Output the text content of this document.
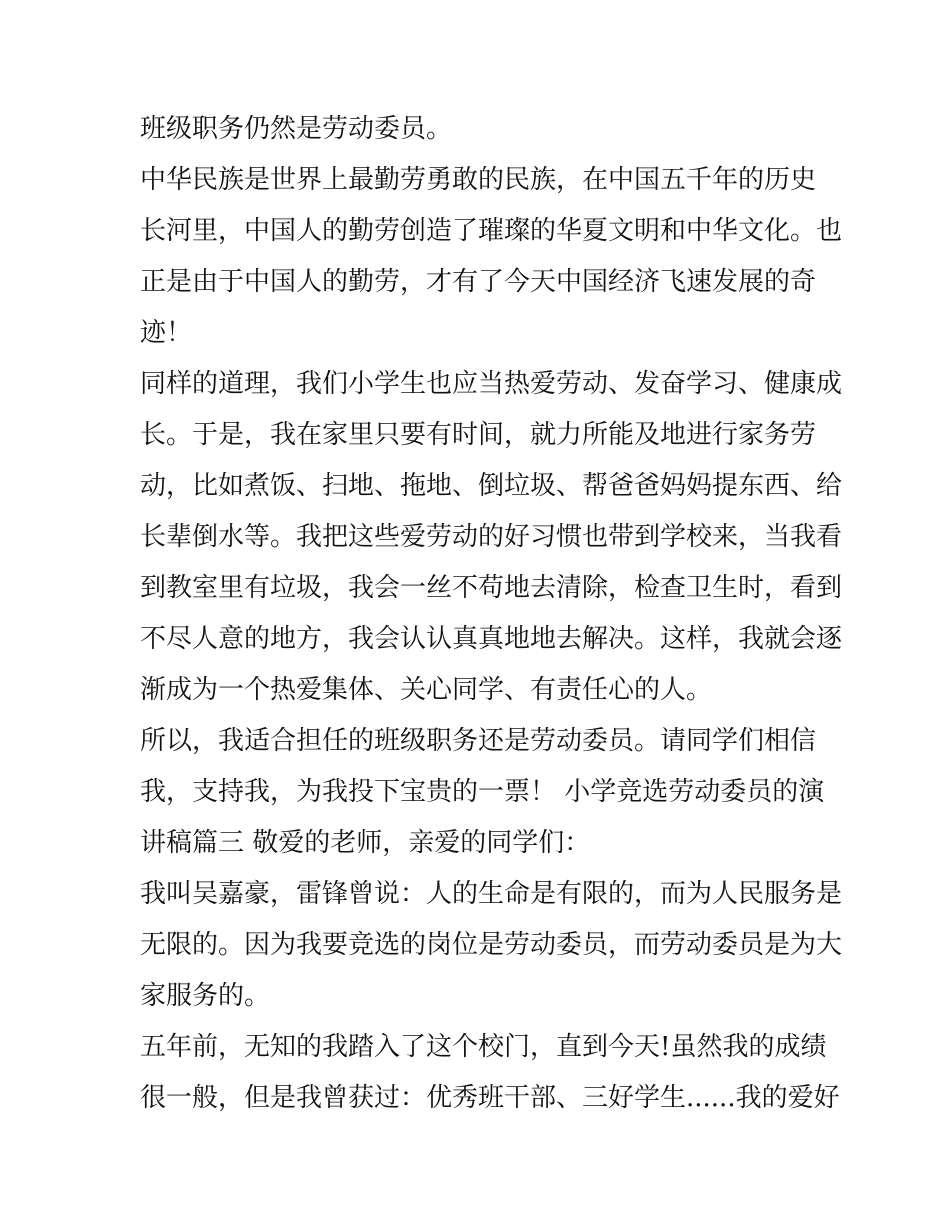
班级职务仍然是劳动委员。
中华民族是世界上最勤劳勇敢的民族，在中国五千年的历史
长河里，中国人的勤劳创造了璀璨的华夏文明和中华文化。也
正是由于中国人的勤劳，才有了今天中国经济飞速发展的奇
迹！
同样的道理，我们小学生也应当热爱劳动、发奋学习、健康成
长。于是，我在家里只要有时间，就力所能及地进行家务劳
动，比如煮饭、扫地、拖地、倒垃圾、帮爸爸妈妈提东西、给
长辈倒水等。我把这些爱劳动的好习惯也带到学校来，当我看
到教室里有垃圾，我会一丝不苟地去清除，检查卫生时，看到
不尽人意的地方，我会认认真真地地去解决。这样，我就会逐
渐成为一个热爱集体、关心同学、有责任心的人。
所以，我适合担任的班级职务还是劳动委员。请同学们相信
我，支持我，为我投下宝贵的一票！ 小学竞选劳动委员的演
讲稿篇三 敬爱的老师，亲爱的同学们：
我叫吴嘉豪，雷锋曾说：人的生命是有限的，而为人民服务是
无限的。因为我要竞选的岗位是劳动委员，而劳动委员是为大
家服务的。
五年前，无知的我踏入了这个校门，直到今天!虽然我的成绩
很一般，但是我曾获过：优秀班干部、三好学生......我的爱好
